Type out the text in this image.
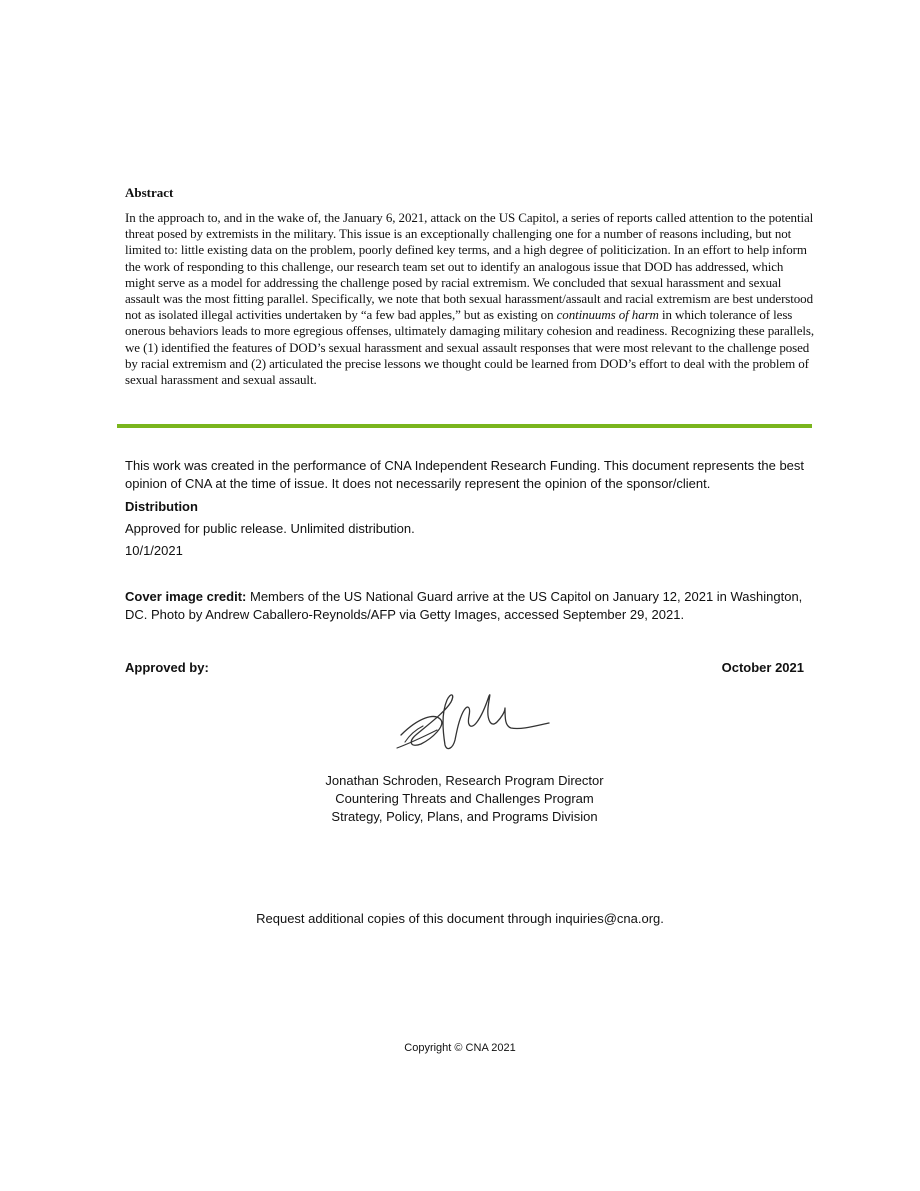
Abstract
In the approach to, and in the wake of, the January 6, 2021, attack on the US Capitol, a series of reports called attention to the potential threat posed by extremists in the military. This issue is an exceptionally challenging one for a number of reasons including, but not limited to: little existing data on the problem, poorly defined key terms, and a high degree of politicization. In an effort to help inform the work of responding to this challenge, our research team set out to identify an analogous issue that DOD has addressed, which might serve as a model for addressing the challenge posed by racial extremism. We concluded that sexual harassment and sexual assault was the most fitting parallel. Specifically, we note that both sexual harassment/assault and racial extremism are best understood not as isolated illegal activities undertaken by “a few bad apples,” but as existing on continuums of harm in which tolerance of less onerous behaviors leads to more egregious offenses, ultimately damaging military cohesion and readiness. Recognizing these parallels, we (1) identified the features of DOD’s sexual harassment and sexual assault responses that were most relevant to the challenge posed by racial extremism and (2) articulated the precise lessons we thought could be learned from DOD’s effort to deal with the problem of sexual harassment and sexual assault.
This work was created in the performance of CNA Independent Research Funding. This document represents the best opinion of CNA at the time of issue. It does not necessarily represent the opinion of the sponsor/client.
Distribution
Approved for public release. Unlimited distribution.
10/1/2021
Cover image credit: Members of the US National Guard arrive at the US Capitol on January 12, 2021 in Washington, DC. Photo by Andrew Caballero-Reynolds/AFP via Getty Images, accessed September 29, 2021.
Approved by:	October 2021
Jonathan Schroden, Research Program Director
Countering Threats and Challenges Program
Strategy, Policy, Plans, and Programs Division
Request additional copies of this document through inquiries@cna.org.
Copyright © CNA 2021
